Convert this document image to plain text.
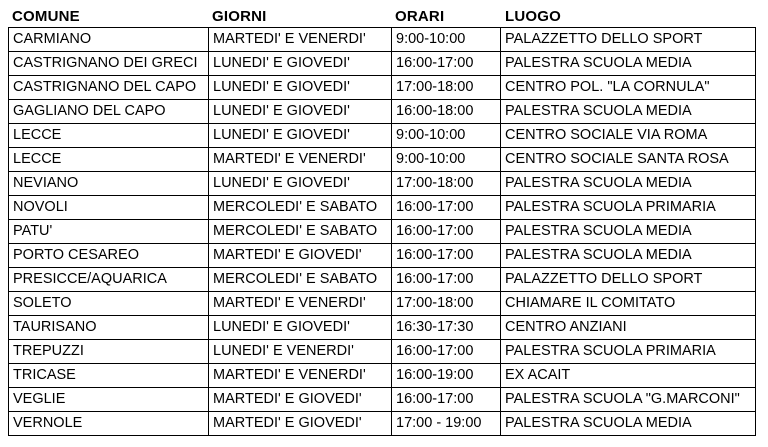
COMUNE	GIORNI	ORARI	LUOGO
CARMIANO	MARTEDI' E VENERDI'	9:00-10:00	PALAZZETTO DELLO SPORT
CASTRIGNANO DEI GRECI	LUNEDI' E GIOVEDI'	16:00-17:00	PALESTRA SCUOLA MEDIA
CASTRIGNANO DEL CAPO	LUNEDI' E GIOVEDI'	17:00-18:00	CENTRO POL. "LA CORNULA"
GAGLIANO DEL CAPO	LUNEDI' E GIOVEDI'	16:00-18:00	PALESTRA SCUOLA MEDIA
LECCE	LUNEDI' E GIOVEDI'	9:00-10:00	CENTRO SOCIALE VIA ROMA
LECCE	MARTEDI' E VENERDI'	9:00-10:00	CENTRO SOCIALE SANTA ROSA
NEVIANO	LUNEDI' E GIOVEDI'	17:00-18:00	PALESTRA SCUOLA MEDIA
NOVOLI	MERCOLEDI' E SABATO	16:00-17:00	PALESTRA SCUOLA PRIMARIA
PATU'	MERCOLEDI' E SABATO	16:00-17:00	PALESTRA SCUOLA MEDIA
PORTO CESAREO	MARTEDI' E GIOVEDI'	16:00-17:00	PALESTRA SCUOLA MEDIA
PRESICCE/AQUARICA	MERCOLEDI' E SABATO	16:00-17:00	PALAZZETTO DELLO SPORT
SOLETO	MARTEDI' E VENERDI'	17:00-18:00	CHIAMARE IL COMITATO
TAURISANO	LUNEDI' E GIOVEDI'	16:30-17:30	CENTRO ANZIANI
TREPUZZI	LUNEDI' E VENERDI'	16:00-17:00	PALESTRA SCUOLA PRIMARIA
TRICASE	MARTEDI' E VENERDI'	16:00-19:00	EX ACAIT
VEGLIE	MARTEDI' E GIOVEDI'	16:00-17:00	PALESTRA SCUOLA "G.MARCONI"
VERNOLE	MARTEDI' E GIOVEDI'	17:00 - 19:00	PALESTRA SCUOLA MEDIA
